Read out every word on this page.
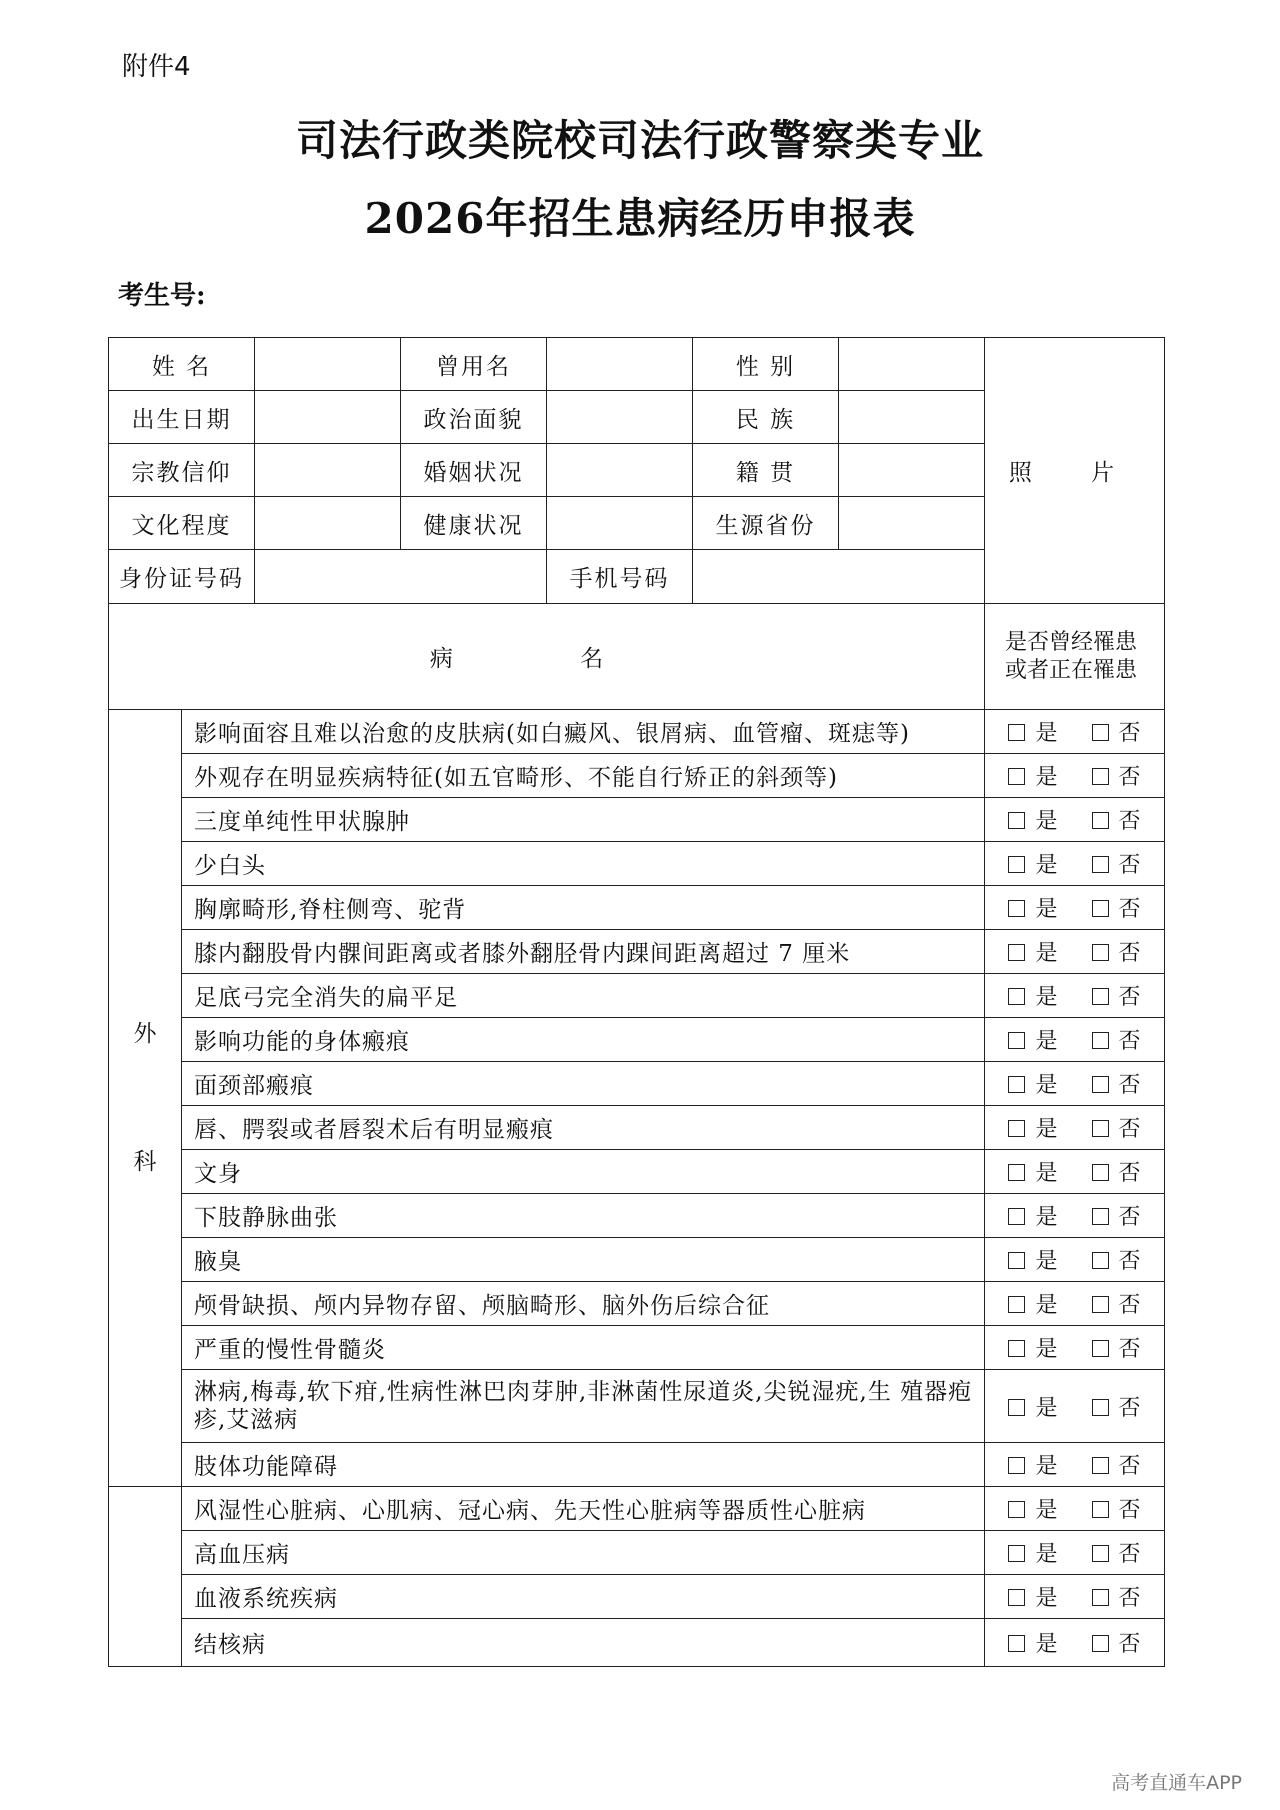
附件4
司法行政类院校司法行政警察类专业
2026年招生患病经历申报表
考生号:
姓 名			曾用名		性 别		照 片
出生日期			政治面貌		民 族		
宗教信仰			婚姻状况		籍 贯		
文化程度			健康状况		生源省份		
身份证号码				手机号码			
病 名							是否曾经罹患 或者正在罹患

外
科	影响面容且难以治愈的皮肤病(如白癜风、银屑病、血管瘤、斑痣等)						是 否
	外观存在明显疾病特征(如五官畸形、不能自行矫正的斜颈等)						是 否
	三度单纯性甲状腺肿						是 否
	少白头						是 否
	胸廓畸形,脊柱侧弯、驼背						是 否
	膝内翻股骨内髁间距离或者膝外翻胫骨内踝间距离超过 7 厘米						是 否
	足底弓完全消失的扁平足						是 否
	影响功能的身体瘢痕						是 否
	面颈部瘢痕						是 否
	唇、腭裂或者唇裂术后有明显瘢痕						是 否
	文身						是 否
	下肢静脉曲张						是 否
	腋臭						是 否
	颅骨缺损、颅内异物存留、颅脑畸形、脑外伤后综合征						是 否
	严重的慢性骨髓炎						是 否
	淋病,梅毒,软下疳,性病性淋巴肉芽肿,非淋菌性尿道炎,尖锐湿疣,生 殖器疱疹,艾滋病						是 否
	肢体功能障碍						是 否
	风湿性心脏病、心肌病、冠心病、先天性心脏病等器质性心脏病						是 否
	高血压病						是 否
	血液系统疾病						是 否
	结核病						是 否
高考直通车APP
